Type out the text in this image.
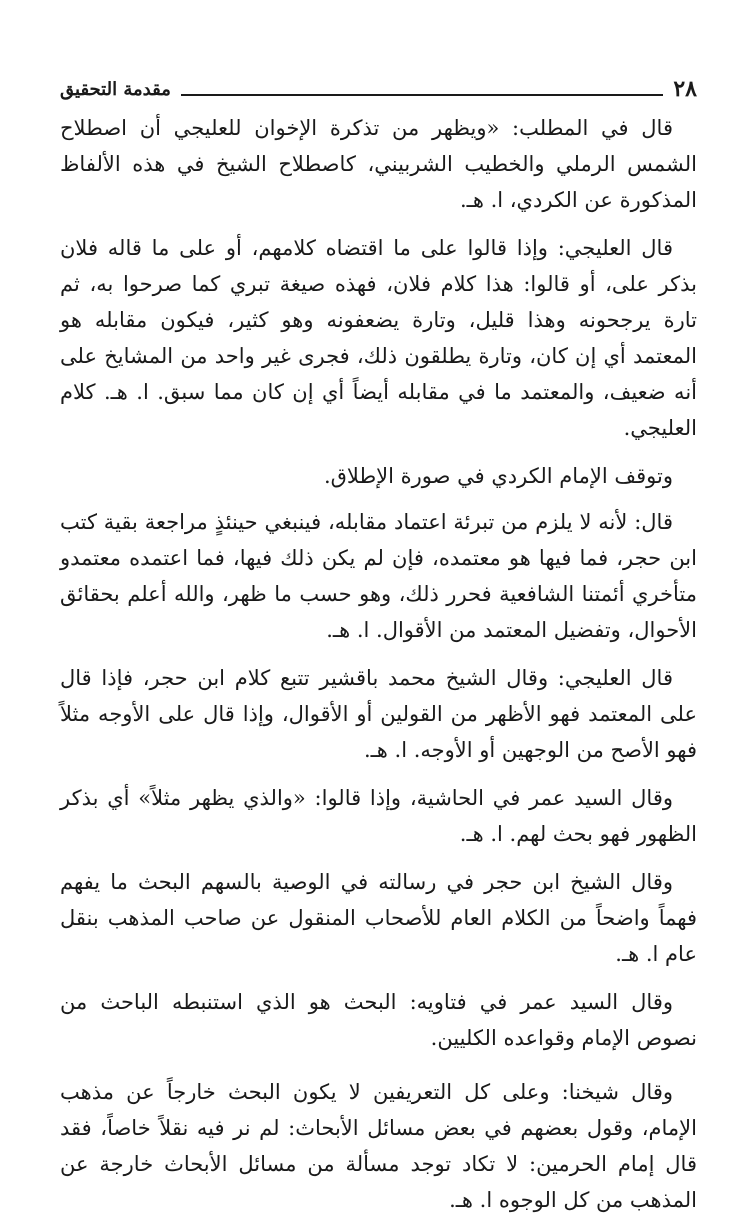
٢٨
مقدمة التحقيق

قال في المطلب: «ويظهر من تذكرة الإخوان للعليجي أن اصطلاح الشمس الرملي والخطيب الشربيني، كاصطلاح الشيخ في هذه الألفاظ المذكورة عن الكردي، ا. هـ.

قال العليجي: وإذا قالوا على ما اقتضاه كلامهم، أو على ما قاله فلان بذكر على، أو قالوا: هذا كلام فلان، فهذه صيغة تبري كما صرحوا به، ثم تارة يرجحونه وهذا قليل، وتارة يضعفونه وهو كثير، فيكون مقابله هو المعتمد أي إن كان، وتارة يطلقون ذلك، فجرى غير واحد من المشايخ على أنه ضعيف، والمعتمد ما في مقابله أيضاً أي إن كان مما سبق. ا. هـ. كلام العليجي.

وتوقف الإمام الكردي في صورة الإطلاق.

قال: لأنه لا يلزم من تبرئة اعتماد مقابله، فينبغي حينئذٍ مراجعة بقية كتب ابن حجر، فما فيها هو معتمده، فإن لم يكن ذلك فيها، فما اعتمده معتمدو متأخري أئمتنا الشافعية فحرر ذلك، وهو حسب ما ظهر، والله أعلم بحقائق الأحوال، وتفضيل المعتمد من الأقوال. ا. هـ.

قال العليجي: وقال الشيخ محمد باقشير تتبع كلام ابن حجر، فإذا قال على المعتمد فهو الأظهر من القولين أو الأقوال، وإذا قال على الأوجه مثلاً فهو الأصح من الوجهين أو الأوجه. ا. هـ.

وقال السيد عمر في الحاشية، وإذا قالوا: «والذي يظهر مثلاً» أي بذكر الظهور فهو بحث لهم. ا. هـ.

وقال الشيخ ابن حجر في رسالته في الوصية بالسهم البحث ما يفهم فهماً واضحاً من الكلام العام للأصحاب المنقول عن صاحب المذهب بنقل عام ا. هـ.

وقال السيد عمر في فتاويه: البحث هو الذي استنبطه الباحث من نصوص الإمام وقواعده الكليين.

وقال شيخنا: وعلى كل التعريفين لا يكون البحث خارجاً عن مذهب الإمام، وقول بعضهم في بعض مسائل الأبحاث: لم نر فيه نقلاً خاصاً، فقد قال إمام الحرمين: لا تكاد توجد مسألة من مسائل الأبحاث خارجة عن المذهب من كل الوجوه ا. هـ.
